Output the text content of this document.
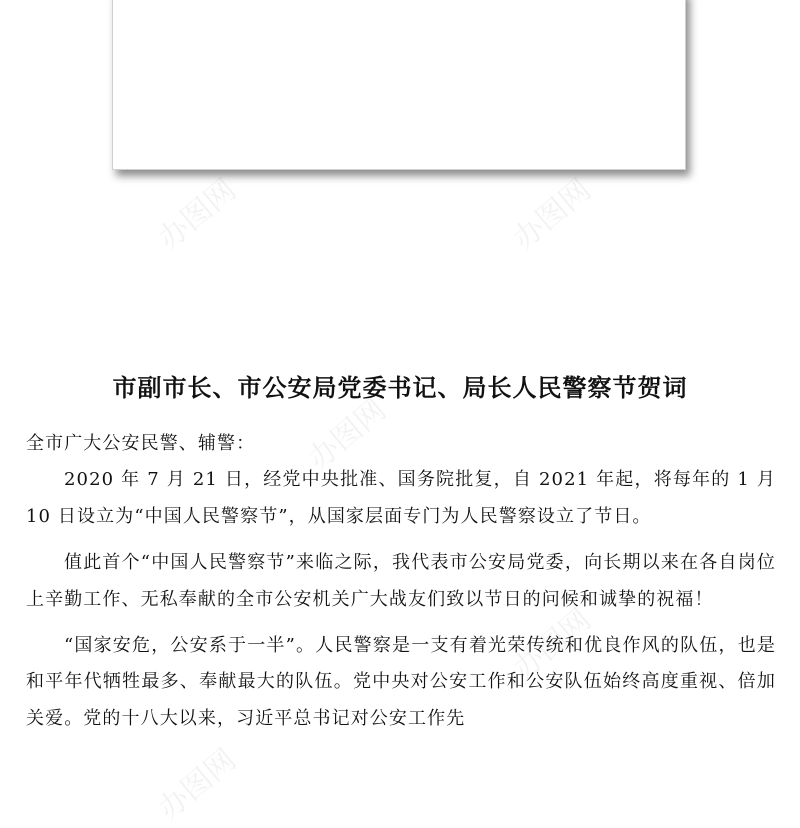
办图网	办图网
办图网
办图网
办图网
市副市长、市公安局党委书记、局长人民警察节贺词

全市广大公安民警、辅警：

2020 年 7 月 21 日，经党中央批准、国务院批复，自 2021 年起，将每年的 1 月 10 日设立为“中国人民警察节”，从国家层面专门为人民警察设立了节日。

值此首个“中国人民警察节”来临之际，我代表市公安局党委，向长期以来在各自岗位上辛勤工作、无私奉献的全市公安机关广大战友们致以节日的问候和诚挚的祝福！

“国家安危，公安系于一半”。人民警察是一支有着光荣传统和优良作风的队伍，也是和平年代牺牲最多、奉献最大的队伍。党中央对公安工作和公安队伍始终高度重视、倍加关爱。党的十八大以来，习近平总书记对公安工作先
